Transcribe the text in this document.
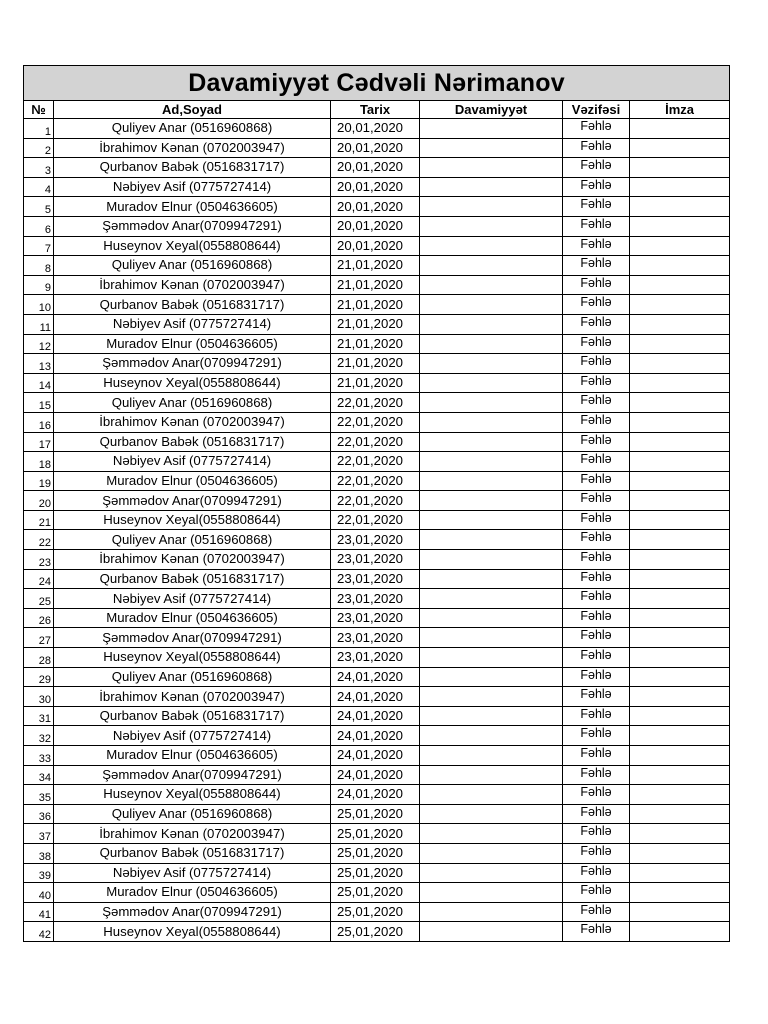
Davamiyyət Cədvəli Nərimanov					
№	Ad,Soyad	Tarix	Davamiyyət	Vəzifəsi	İmza
1	Quliyev Anar (0516960868)	20,01,2020		Fəhlə	
2	İbrahimov Kənan (0702003947)	20,01,2020		Fəhlə	
3	Qurbanov Babək (0516831717)	20,01,2020		Fəhlə	
4	Nəbiyev Asif (0775727414)	20,01,2020		Fəhlə	
5	Muradov Elnur (0504636605)	20,01,2020		Fəhlə	
6	Şəmmədov Anar(0709947291)	20,01,2020		Fəhlə	
7	Huseynov Xeyal(0558808644)	20,01,2020		Fəhlə	
8	Quliyev Anar (0516960868)	21,01,2020		Fəhlə	
9	İbrahimov Kənan (0702003947)	21,01,2020		Fəhlə	
10	Qurbanov Babək (0516831717)	21,01,2020		Fəhlə	
11	Nəbiyev Asif (0775727414)	21,01,2020		Fəhlə	
12	Muradov Elnur (0504636605)	21,01,2020		Fəhlə	
13	Şəmmədov Anar(0709947291)	21,01,2020		Fəhlə	
14	Huseynov Xeyal(0558808644)	21,01,2020		Fəhlə	
15	Quliyev Anar (0516960868)	22,01,2020		Fəhlə	
16	İbrahimov Kənan (0702003947)	22,01,2020		Fəhlə	
17	Qurbanov Babək (0516831717)	22,01,2020		Fəhlə	
18	Nəbiyev Asif (0775727414)	22,01,2020		Fəhlə	
19	Muradov Elnur (0504636605)	22,01,2020		Fəhlə	
20	Şəmmədov Anar(0709947291)	22,01,2020		Fəhlə	
21	Huseynov Xeyal(0558808644)	22,01,2020		Fəhlə	
22	Quliyev Anar (0516960868)	23,01,2020		Fəhlə	
23	İbrahimov Kənan (0702003947)	23,01,2020		Fəhlə	
24	Qurbanov Babək (0516831717)	23,01,2020		Fəhlə	
25	Nəbiyev Asif (0775727414)	23,01,2020		Fəhlə	
26	Muradov Elnur (0504636605)	23,01,2020		Fəhlə	
27	Şəmmədov Anar(0709947291)	23,01,2020		Fəhlə	
28	Huseynov Xeyal(0558808644)	23,01,2020		Fəhlə	
29	Quliyev Anar (0516960868)	24,01,2020		Fəhlə	
30	İbrahimov Kənan (0702003947)	24,01,2020		Fəhlə	
31	Qurbanov Babək (0516831717)	24,01,2020		Fəhlə	
32	Nəbiyev Asif (0775727414)	24,01,2020		Fəhlə	
33	Muradov Elnur (0504636605)	24,01,2020		Fəhlə	
34	Şəmmədov Anar(0709947291)	24,01,2020		Fəhlə	
35	Huseynov Xeyal(0558808644)	24,01,2020		Fəhlə	
36	Quliyev Anar (0516960868)	25,01,2020		Fəhlə	
37	İbrahimov Kənan (0702003947)	25,01,2020		Fəhlə	
38	Qurbanov Babək (0516831717)	25,01,2020		Fəhlə	
39	Nəbiyev Asif (0775727414)	25,01,2020		Fəhlə	
40	Muradov Elnur (0504636605)	25,01,2020		Fəhlə	
41	Şəmmədov Anar(0709947291)	25,01,2020		Fəhlə	
42	Huseynov Xeyal(0558808644)	25,01,2020		Fəhlə	
